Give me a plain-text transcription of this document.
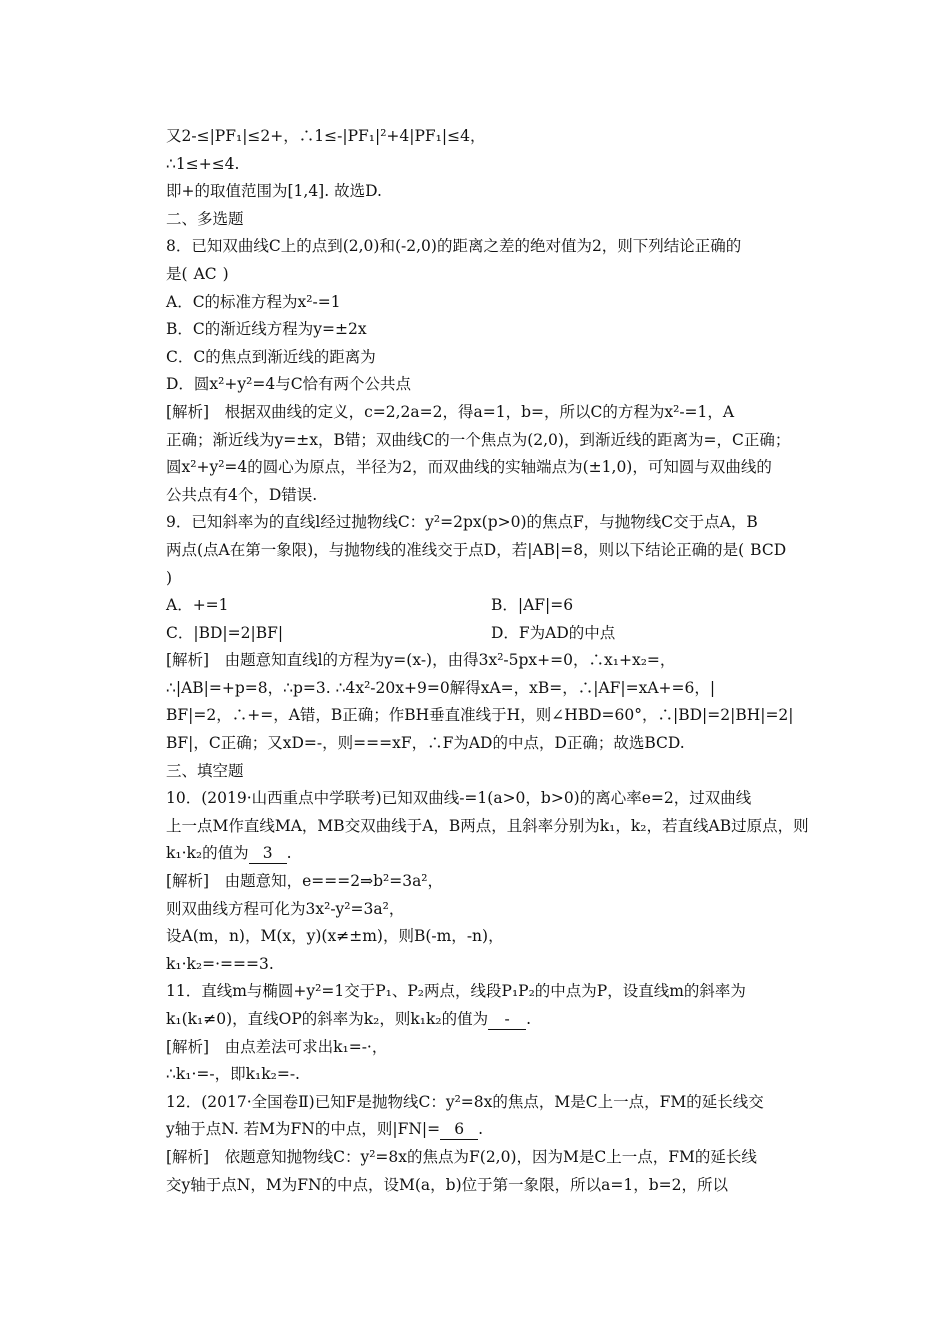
又2-≤|PF₁|≤2+，∴1≤-|PF₁|²+4|PF₁|≤4，
∴1≤+≤4.
即+的取值范围为[1,4]. 故选D.
二、多选题
8．已知双曲线C上的点到(2,0)和(-2,0)的距离之差的绝对值为2，则下列结论正确的
是( AC )
A．C的标准方程为x²-=1
B．C的渐近线方程为y=±2x
C．C的焦点到渐近线的距离为
D．圆x²+y²=4与C恰有两个公共点
[解析]　根据双曲线的定义，c=2,2a=2，得a=1，b=，所以C的方程为x²-=1，A
正确；渐近线为y=±x，B错；双曲线C的一个焦点为(2,0)，到渐近线的距离为=，C正确；
圆x²+y²=4的圆心为原点，半径为2，而双曲线的实轴端点为(±1,0)，可知圆与双曲线的
公共点有4个，D错误.
9．已知斜率为的直线l经过抛物线C：y²=2px(p>0)的焦点F，与抛物线C交于点A，B
两点(点A在第一象限)，与抛物线的准线交于点D，若|AB|=8，则以下结论正确的是( BCD
)
A．+=1	B．|AF|=6
C．|BD|=2|BF|	D．F为AD的中点
[解析]　由题意知直线l的方程为y=(x-)，由得3x²-5px+=0，∴x₁+x₂=，
∴|AB|=+p=8，∴p=3. ∴4x²-20x+9=0解得xA=，xB=，∴|AF|=xA+=6，|
BF|=2，∴+=，A错，B正确；作BH垂直准线于H，则∠HBD=60°，∴|BD|=2|BH|=2|
BF|，C正确；又xD=-，则===xF，∴F为AD的中点，D正确；故选BCD.
三、填空题
10．(2019·山西重点中学联考)已知双曲线-=1(a>0，b>0)的离心率e=2，过双曲线
上一点M作直线MA，MB交双曲线于A，B两点，且斜率分别为k₁，k₂，若直线AB过原点，则
k₁·k₂的值为 3 .
[解析]　由题意知，e===2⇒b²=3a²，
则双曲线方程可化为3x²-y²=3a²，
设A(m，n)，M(x，y)(x≠±m)，则B(-m，-n)，
k₁·k₂=·===3.
11．直线m与椭圆+y²=1交于P₁、P₂两点，线段P₁P₂的中点为P，设直线m的斜率为
k₁(k₁≠0)，直线OP的斜率为k₂，则k₁k₂的值为 - .
[解析]　由点差法可求出k₁=-·，
∴k₁·=-，即k₁k₂=-.
12．(2017·全国卷Ⅱ)已知F是抛物线C：y²=8x的焦点，M是C上一点，FM的延长线交
y轴于点N. 若M为FN的中点，则|FN|= 6 .
[解析]　依题意知抛物线C：y²=8x的焦点为F(2,0)，因为M是C上一点，FM的延长线
交y轴于点N，M为FN的中点，设M(a，b)位于第一象限，所以a=1，b=2，所以
